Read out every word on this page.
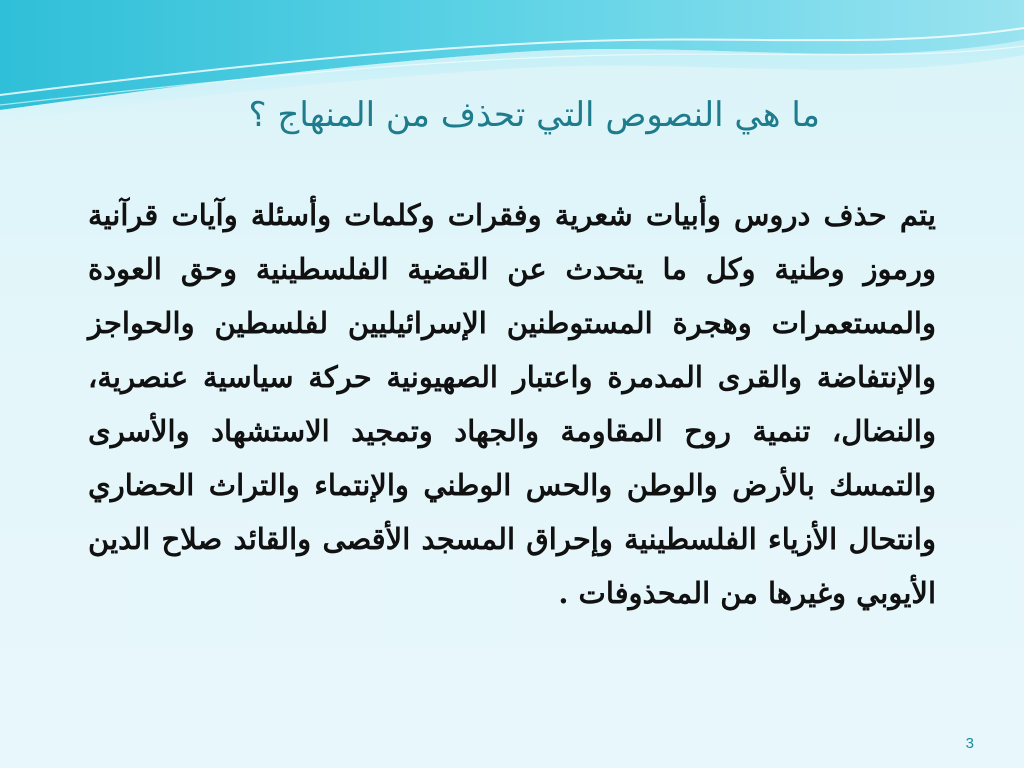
ما هي النصوص التي تحذف من المنهاج ؟

يتم حذف دروس وأبيات شعرية وفقرات وكلمات وأسئلة وآيات قرآنية ورموز وطنية وكل ما يتحدث عن القضية الفلسطينية وحق العودة والمستعمرات وهجرة المستوطنين الإسرائيليين لفلسطين والحواجز والإنتفاضة والقرى المدمرة واعتبار الصهيونية حركة سياسية عنصرية، والنضال، تنمية روح المقاومة والجهاد وتمجيد الاستشهاد والأسرى والتمسك بالأرض والوطن والحس الوطني والإنتماء والتراث الحضاري وانتحال الأزياء الفلسطينية وإحراق المسجد الأقصى والقائد صلاح الدين الأيوبي وغيرها من المحذوفات .

3
